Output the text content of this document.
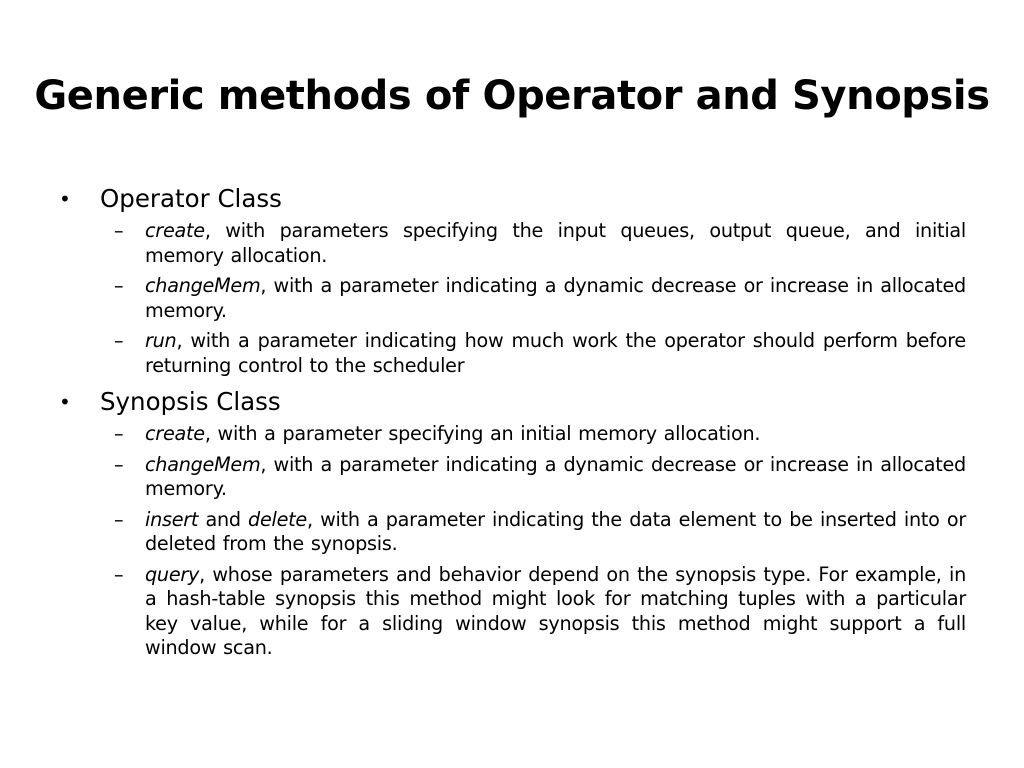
Generic methods of Operator and Synopsis
• Operator Class
– create, with parameters specifying the input queues, output queue, and initial memory allocation.
– changeMem, with a parameter indicating a dynamic decrease or increase in allocated memory.
– run, with a parameter indicating how much work the operator should perform before returning control to the scheduler
• Synopsis Class
– create, with a parameter specifying an initial memory allocation.
– changeMem, with a parameter indicating a dynamic decrease or increase in allocated memory.
– insert and delete, with a parameter indicating the data element to be inserted into or deleted from the synopsis.
– query, whose parameters and behavior depend on the synopsis type. For example, in a hash-table synopsis this method might look for matching tuples with a particular key value, while for a sliding window synopsis this method might support a full window scan.
